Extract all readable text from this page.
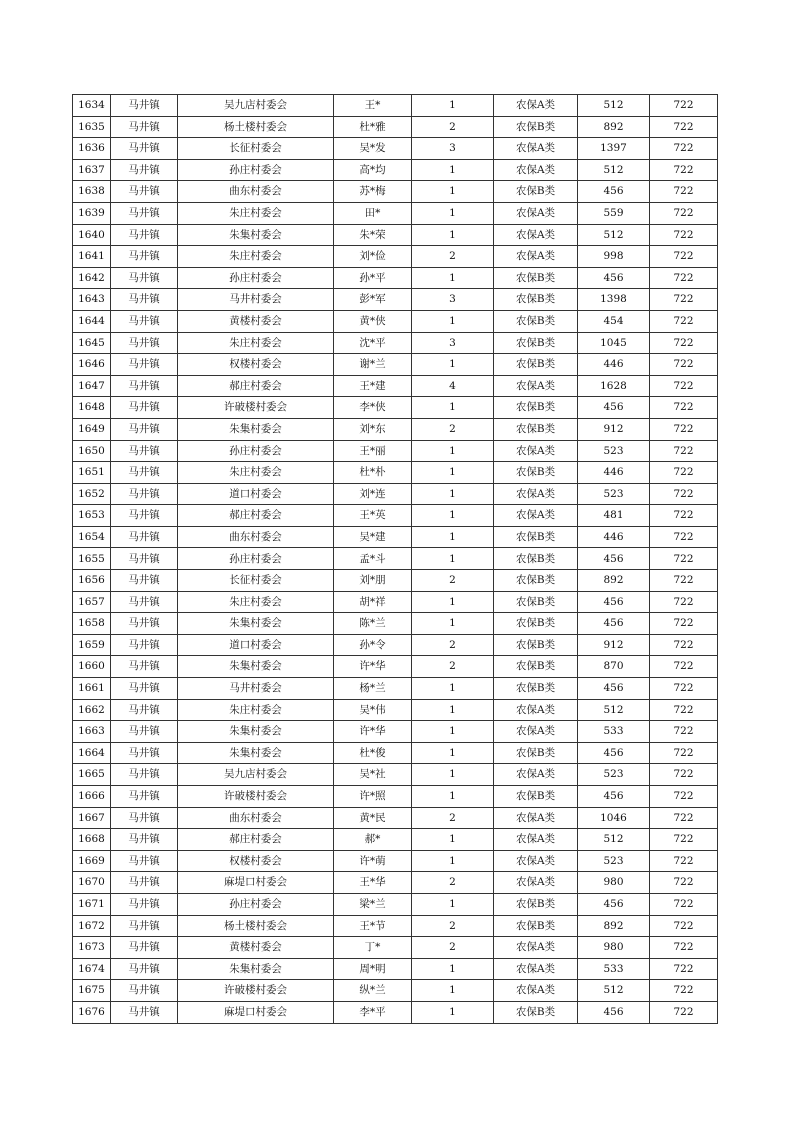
1634	马井镇	吴九店村委会	王*	1	农保A类	512	722
1635	马井镇	杨土楼村委会	杜*雅	2	农保B类	892	722
1636	马井镇	长征村委会	吴*发	3	农保A类	1397	722
1637	马井镇	孙庄村委会	高*均	1	农保A类	512	722
1638	马井镇	曲东村委会	苏*梅	1	农保B类	456	722
1639	马井镇	朱庄村委会	田*	1	农保A类	559	722
1640	马井镇	朱集村委会	朱*荣	1	农保A类	512	722
1641	马井镇	朱庄村委会	刘*俭	2	农保A类	998	722
1642	马井镇	孙庄村委会	孙*平	1	农保B类	456	722
1643	马井镇	马井村委会	彭*军	3	农保B类	1398	722
1644	马井镇	黄楼村委会	黄*侠	1	农保B类	454	722
1645	马井镇	朱庄村委会	沈*平	3	农保B类	1045	722
1646	马井镇	权楼村委会	谢*兰	1	农保B类	446	722
1647	马井镇	郝庄村委会	王*建	4	农保A类	1628	722
1648	马井镇	许破楼村委会	李*侠	1	农保B类	456	722
1649	马井镇	朱集村委会	刘*东	2	农保B类	912	722
1650	马井镇	孙庄村委会	王*丽	1	农保A类	523	722
1651	马井镇	朱庄村委会	杜*朴	1	农保B类	446	722
1652	马井镇	道口村委会	刘*连	1	农保A类	523	722
1653	马井镇	郝庄村委会	王*英	1	农保A类	481	722
1654	马井镇	曲东村委会	吴*建	1	农保B类	446	722
1655	马井镇	孙庄村委会	孟*斗	1	农保B类	456	722
1656	马井镇	长征村委会	刘*朋	2	农保B类	892	722
1657	马井镇	朱庄村委会	胡*祥	1	农保B类	456	722
1658	马井镇	朱集村委会	陈*兰	1	农保B类	456	722
1659	马井镇	道口村委会	孙*令	2	农保B类	912	722
1660	马井镇	朱集村委会	许*华	2	农保B类	870	722
1661	马井镇	马井村委会	杨*兰	1	农保B类	456	722
1662	马井镇	朱庄村委会	吴*伟	1	农保A类	512	722
1663	马井镇	朱集村委会	许*华	1	农保A类	533	722
1664	马井镇	朱集村委会	杜*俊	1	农保B类	456	722
1665	马井镇	吴九店村委会	吴*社	1	农保A类	523	722
1666	马井镇	许破楼村委会	许*照	1	农保B类	456	722
1667	马井镇	曲东村委会	黄*民	2	农保A类	1046	722
1668	马井镇	郝庄村委会	郝*	1	农保A类	512	722
1669	马井镇	权楼村委会	许*萌	1	农保A类	523	722
1670	马井镇	麻堤口村委会	王*华	2	农保A类	980	722
1671	马井镇	孙庄村委会	梁*兰	1	农保B类	456	722
1672	马井镇	杨土楼村委会	王*节	2	农保B类	892	722
1673	马井镇	黄楼村委会	丁*	2	农保A类	980	722
1674	马井镇	朱集村委会	周*明	1	农保A类	533	722
1675	马井镇	许破楼村委会	纵*兰	1	农保A类	512	722
1676	马井镇	麻堤口村委会	李*平	1	农保B类	456	722
